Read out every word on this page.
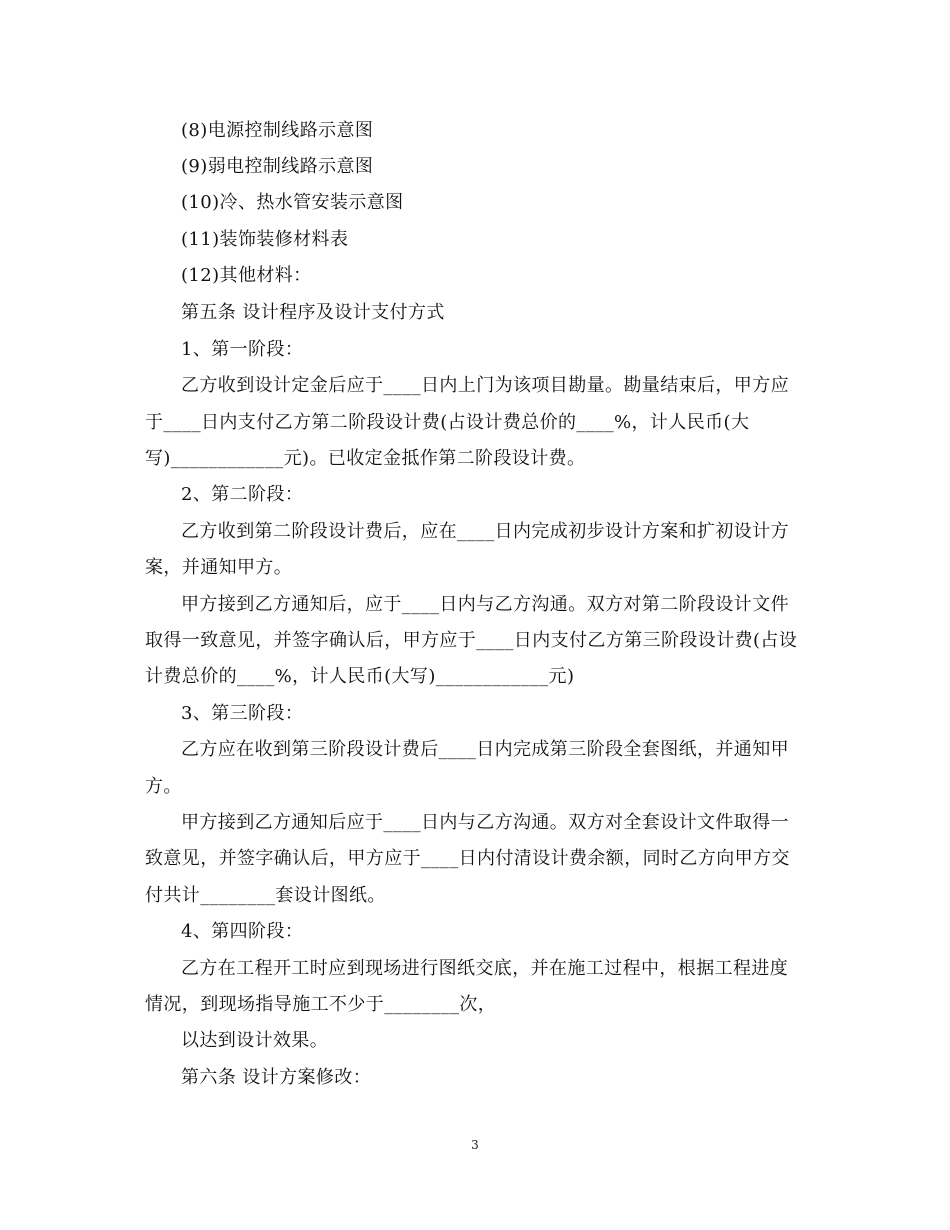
(8)电源控制线路示意图
(9)弱电控制线路示意图
(10)冷、热水管安装示意图
(11)装饰装修材料表
(12)其他材料：
第五条 设计程序及设计支付方式
1、第一阶段：
乙方收到设计定金后应于____日内上门为该项目勘量。勘量结束后，甲方应
于____日内支付乙方第二阶段设计费(占设计费总价的____%，计人民币(大
写)____________元)。已收定金抵作第二阶段设计费。
2、第二阶段：
乙方收到第二阶段设计费后，应在____日内完成初步设计方案和扩初设计方
案，并通知甲方。
甲方接到乙方通知后，应于____日内与乙方沟通。双方对第二阶段设计文件
取得一致意见，并签字确认后，甲方应于____日内支付乙方第三阶段设计费(占设
计费总价的____%，计人民币(大写)____________元)
3、第三阶段：
乙方应在收到第三阶段设计费后____日内完成第三阶段全套图纸，并通知甲
方。
甲方接到乙方通知后应于____日内与乙方沟通。双方对全套设计文件取得一
致意见，并签字确认后，甲方应于____日内付清设计费余额，同时乙方向甲方交
付共计________套设计图纸。
4、第四阶段：
乙方在工程开工时应到现场进行图纸交底，并在施工过程中，根据工程进度
情况，到现场指导施工不少于________次，
以达到设计效果。
第六条 设计方案修改：
3
